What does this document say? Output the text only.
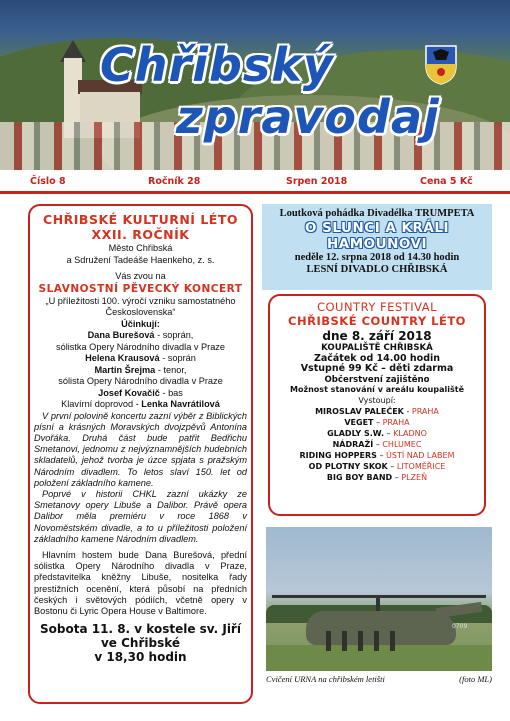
Chřibský
zpravodaj
Číslo 8	Ročník 28	Srpen 2018	Cena 5 Kč
CHŘIBSKÉ KULTURNÍ LÉTO
XXII. ROČNÍK
Město Chřibská
a Sdružení Tadeáše Haenkeho, z. s.
Vás zvou na
SLAVNOSTNÍ PĚVECKÝ KONCERT
„U příležitosti 100. výročí vzniku samostatného
Československa“
Účinkují:
Dana Burešová - soprán,
sólistka Opery Národního divadla v Praze
Helena Krausová - soprán
Martin Šrejma - tenor,
sólista Opery Národního divadla v Praze
Josef Kovačič - bas
Klavírní doprovod - Lenka Navrátilová
V první polovině koncertu zazní výběr z Biblických písní a krásných Moravských dvojzpěvů Antonína Dvořáka. Druhá část bude patřit Bedřichu Smetanovi, jednomu z nejvýznamnějších hudebních skladatelů, jehož tvorba je úzce spjata s pražským Národním divadlem. To letos slaví 150. let od položení základního kamene.
Poprvé v historii CHKL zazní ukázky ze Smetanovy opery Libuše a Dalibor. Právě opera Dalibor měla premiéru v roce 1868 v Novoměstském divadle, a to u příležitosti položení základního kamene Národním divadlem.
Hlavním hostem bude Dana Burešová, přední sólistka Opery Národního divadla v Praze, představitelka kněžny Libuše, nositelka řady prestižních ocenění, která působí na předních českých i světových pódiích, včetně opery v Bostonu či Lyric Opera House v Baltimore.
Sobota 11. 8. v kostele sv. Jiří
ve Chřibské
v 18,30 hodin
Loutková pohádka Divadélka TRUMPETA
O SLUNCI A KRÁLI
HAMOUNOVI
neděle 12. srpna 2018 od 14.30 hodin
LESNÍ DIVADLO CHŘIBSKÁ
COUNTRY FESTIVAL
CHŘIBSKÉ COUNTRY LÉTO
dne 8. září 2018
KOUPALIŠTĚ CHŘIBSKÁ
Začátek od 14.00 hodin
Vstupné 99 Kč – děti zdarma
Občerstvení zajištěno
Možnost stanování v areálu koupaliště
Vystoupí:
MIROSLAV PALEČEK - PRAHA
VEGET – PRAHA
GLADLY S.W. – KLADNO
NÁDRAŽÍ – CHLUMEC
RIDING HOPPERS – ÚSTÍ NAD LABEM
OD PLOTNY SKOK – LITOMĚŘICE
BIG BOY BAND – PLZEŇ
0709
Cvičení URNA na chřibském letišti	(foto ML)
